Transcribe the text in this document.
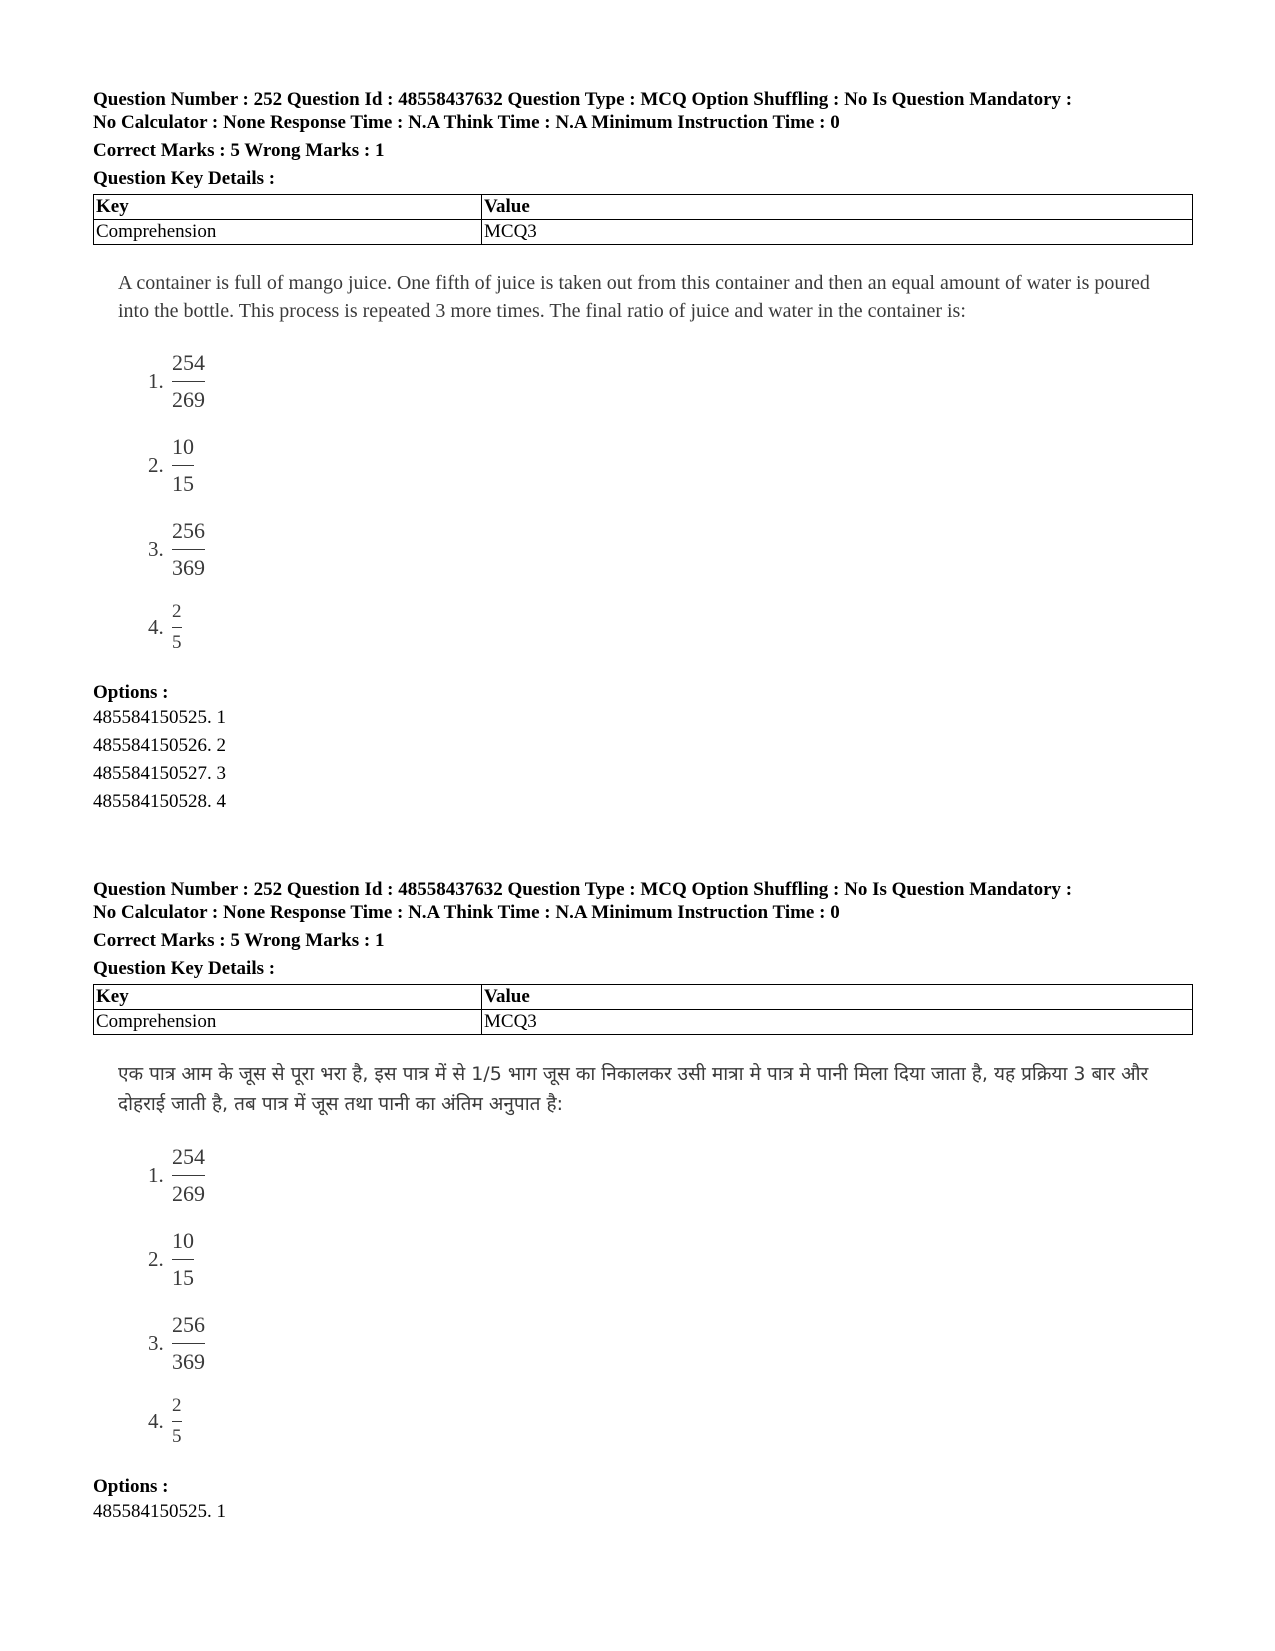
Question Number : 252 Question Id : 48558437632 Question Type : MCQ Option Shuffling : No Is Question Mandatory :
No Calculator : None Response Time : N.A Think Time : N.A Minimum Instruction Time : 0
Correct Marks : 5 Wrong Marks : 1
Question Key Details :
Key	Value
Comprehension	MCQ3
A container is full of mango juice. One fifth of juice is taken out from this container and then an equal amount of water is poured into the bottle. This process is repeated 3 more times. The final ratio of juice and water in the container is:
1. $\frac{254}{269}$
2. $\frac{10}{15}$
3. $\frac{256}{369}$
4. $\frac{2}{5}$
Options :
485584150525. 1
485584150526. 2
485584150527. 3
485584150528. 4
Question Number : 252 Question Id : 48558437632 Question Type : MCQ Option Shuffling : No Is Question Mandatory :
No Calculator : None Response Time : N.A Think Time : N.A Minimum Instruction Time : 0
Correct Marks : 5 Wrong Marks : 1
Question Key Details :
Key	Value
Comprehension	MCQ3
एक पात्र आम के जूस से पूरा भरा है, इस पात्र में से 1/5 भाग जूस का निकालकर उसी मात्रा मे पात्र मे पानी मिला दिया जाता है, यह प्रक्रिया 3 बार और दोहराई जाती है, तब पात्र में जूस तथा पानी का अंतिम अनुपात है:
1. $\frac{254}{269}$
2. $\frac{10}{15}$
3. $\frac{256}{369}$
4. $\frac{2}{5}$
Options :
485584150525. 1
